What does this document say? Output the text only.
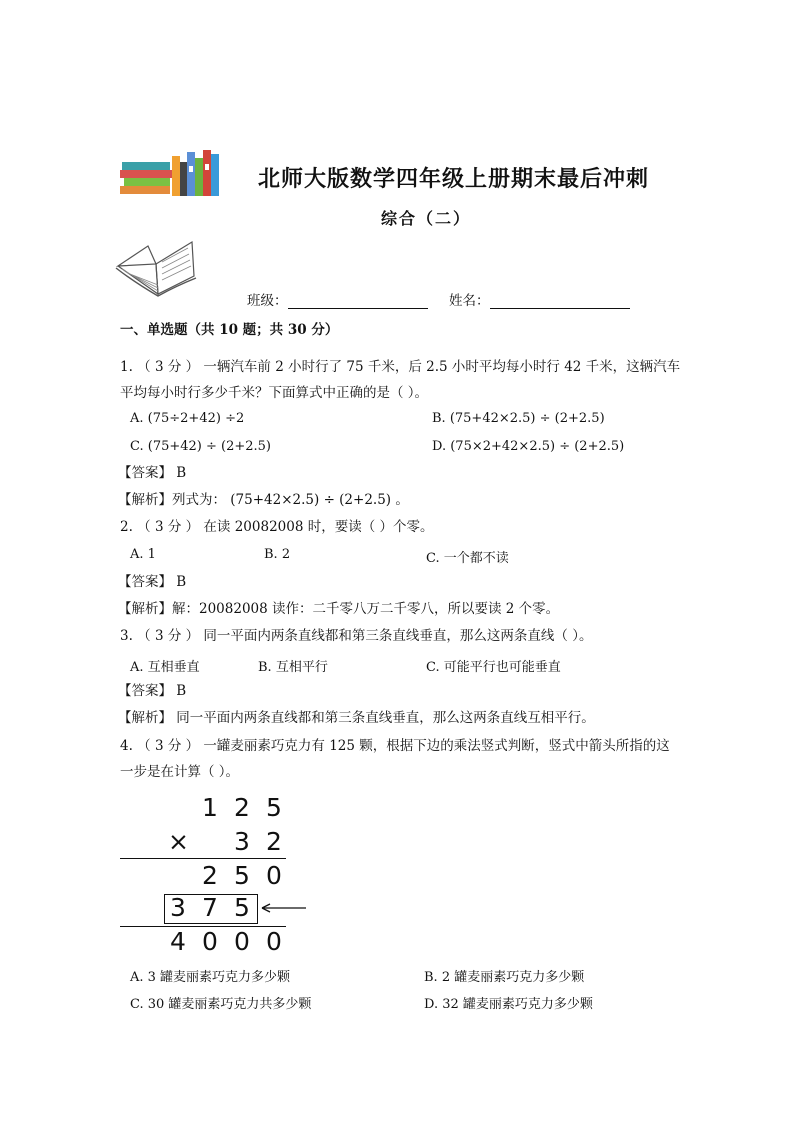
北师大版数学四年级上册期末最后冲刺
综合（二）
班级：	姓名：
一、单选题（共 10 题；共 30 分）
1. （ 3 分 ） 一辆汽车前 2 小时行了 75 千米，后 2.5 小时平均每小时行 42 千米，这辆汽车
平均每小时行多少千米？下面算式中正确的是（ ）。
A. (75÷2+42) ÷2	B. (75+42×2.5) ÷ (2+2.5)
C. (75+42) ÷ (2+2.5)	D. (75×2+42×2.5) ÷ (2+2.5)
【答案】 B
【解析】列式为： (75+42×2.5) ÷ (2+2.5) 。
2. （ 3 分 ） 在读 20082008 时，要读（ ）个零。
A. 1	B. 2	C. 一个都不读
【答案】 B
【解析】解：20082008 读作：二千零八万二千零八，所以要读 2 个零。
3. （ 3 分 ） 同一平面内两条直线都和第三条直线垂直，那么这两条直线（ ）。
A. 互相垂直	B. 互相平行	C. 可能平行也可能垂直
【答案】 B
【解析】 同一平面内两条直线都和第三条直线垂直，那么这两条直线互相平行。
4. （ 3 分 ） 一罐麦丽素巧克力有 125 颗，根据下边的乘法竖式判断，竖式中箭头所指的这
一步是在计算（ ）。
1 2 5
× 3 2
2 5 0
3 7 5
4 0 0 0
A. 3 罐麦丽素巧克力多少颗	B. 2 罐麦丽素巧克力多少颗
C. 30 罐麦丽素巧克力共多少颗	D. 32 罐麦丽素巧克力多少颗
